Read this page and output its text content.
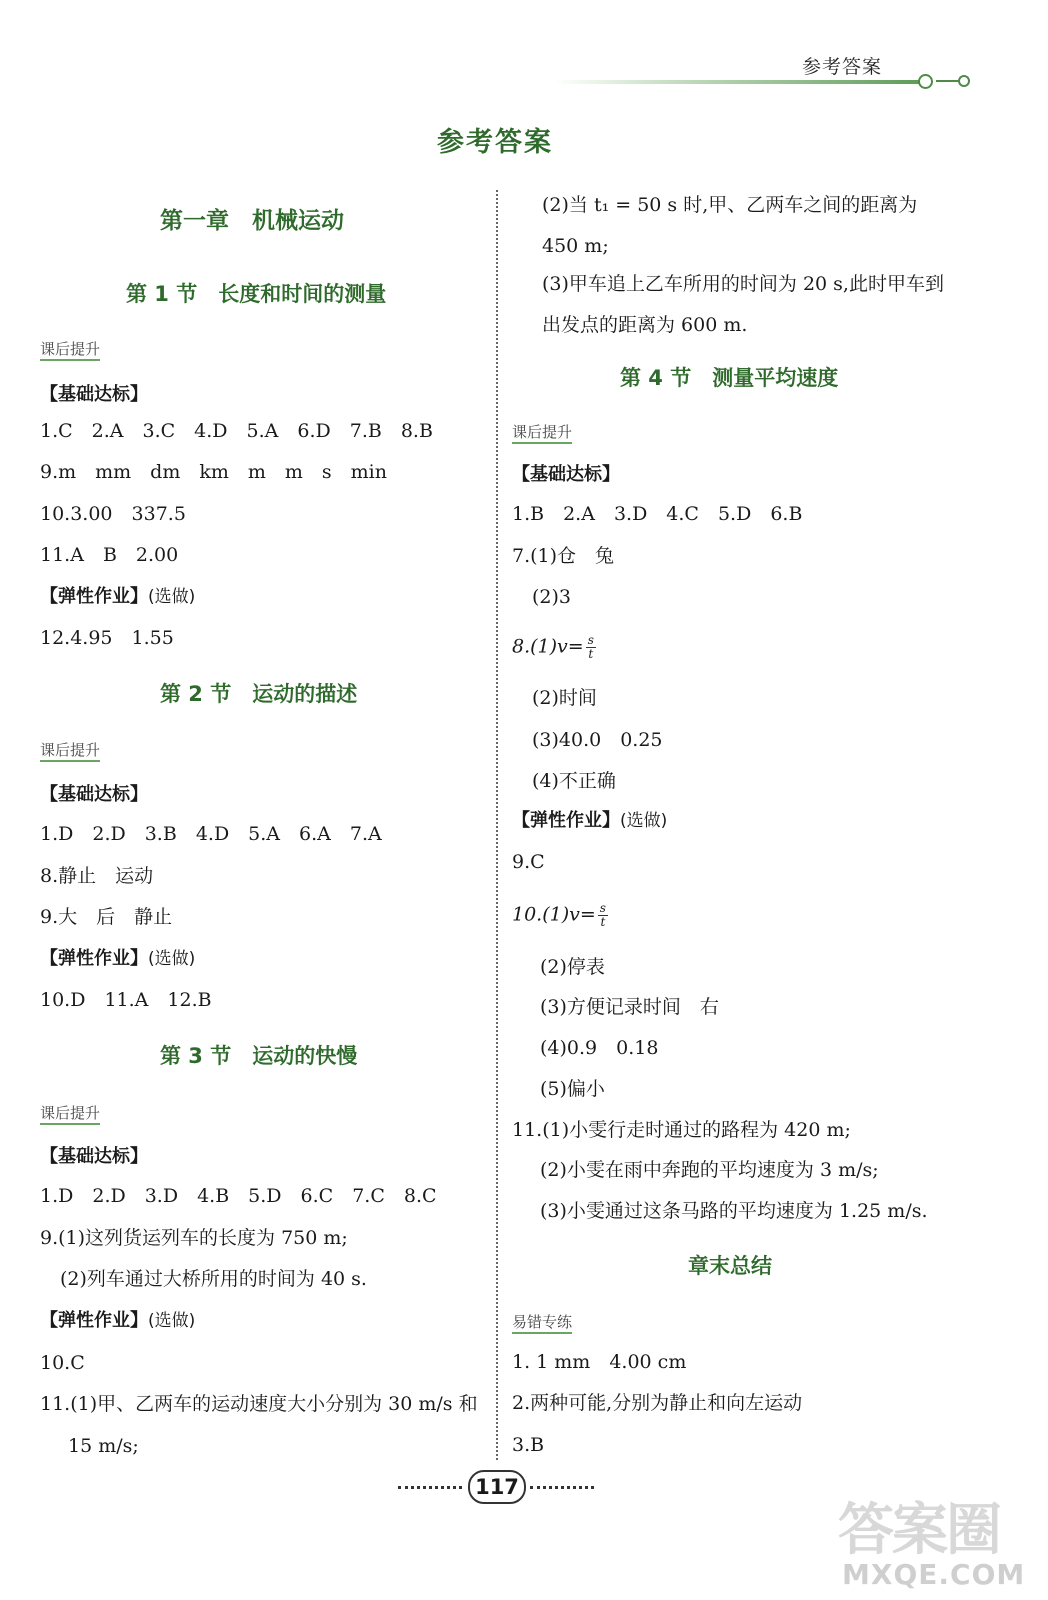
参考答案
参考答案
第一章　机械运动
第 1 节　长度和时间的测量
课后提升
【基础达标】
1.C　2.A　3.C　4.D　5.A　6.D　7.B　8.B
9.m　mm　dm　km　m　m　s　min
10.3.00　337.5
11.A　B　2.00
【弹性作业】(选做)
12.4.95　1.55
第 2 节　运动的描述
课后提升
【基础达标】
1.D　2.D　3.B　4.D　5.A　6.A　7.A
8.静止　运动
9.大　后　静止
【弹性作业】(选做)
10.D　11.A　12.B
第 3 节　运动的快慢
课后提升
【基础达标】
1.D　2.D　3.D　4.B　5.D　6.C　7.C　8.C
9.(1)这列货运列车的长度为 750 m;
(2)列车通过大桥所用的时间为 40 s.
【弹性作业】(选做)
10.C
11.(1)甲、乙两车的运动速度大小分别为 30 m/s 和
15 m/s;
(2)当 t₁ = 50 s 时,甲、乙两车之间的距离为
450 m;
(3)甲车追上乙车所用的时间为 20 s,此时甲车到
出发点的距离为 600 m.
第 4 节　测量平均速度
课后提升
【基础达标】
1.B　2.A　3.D　4.C　5.D　6.B
7.(1)仓　兔
(2)3
$8.(1)v= \frac{s}{t}$
(2)时间
(3)40.0　0.25
(4)不正确
【弹性作业】(选做)
9.C
$10.(1)v= \frac{s}{t}$
(2)停表
(3)方便记录时间　右
(4)0.9　0.18
(5)偏小
11.(1)小雯行走时通过的路程为 420 m;
(2)小雯在雨中奔跑的平均速度为 3 m/s;
(3)小雯通过这条马路的平均速度为 1.25 m/s.
章末总结
易错专练
1. 1 mm　4.00 cm
2.两种可能,分别为静止和向左运动
3.B
117
答案圈
MXQE.COM
